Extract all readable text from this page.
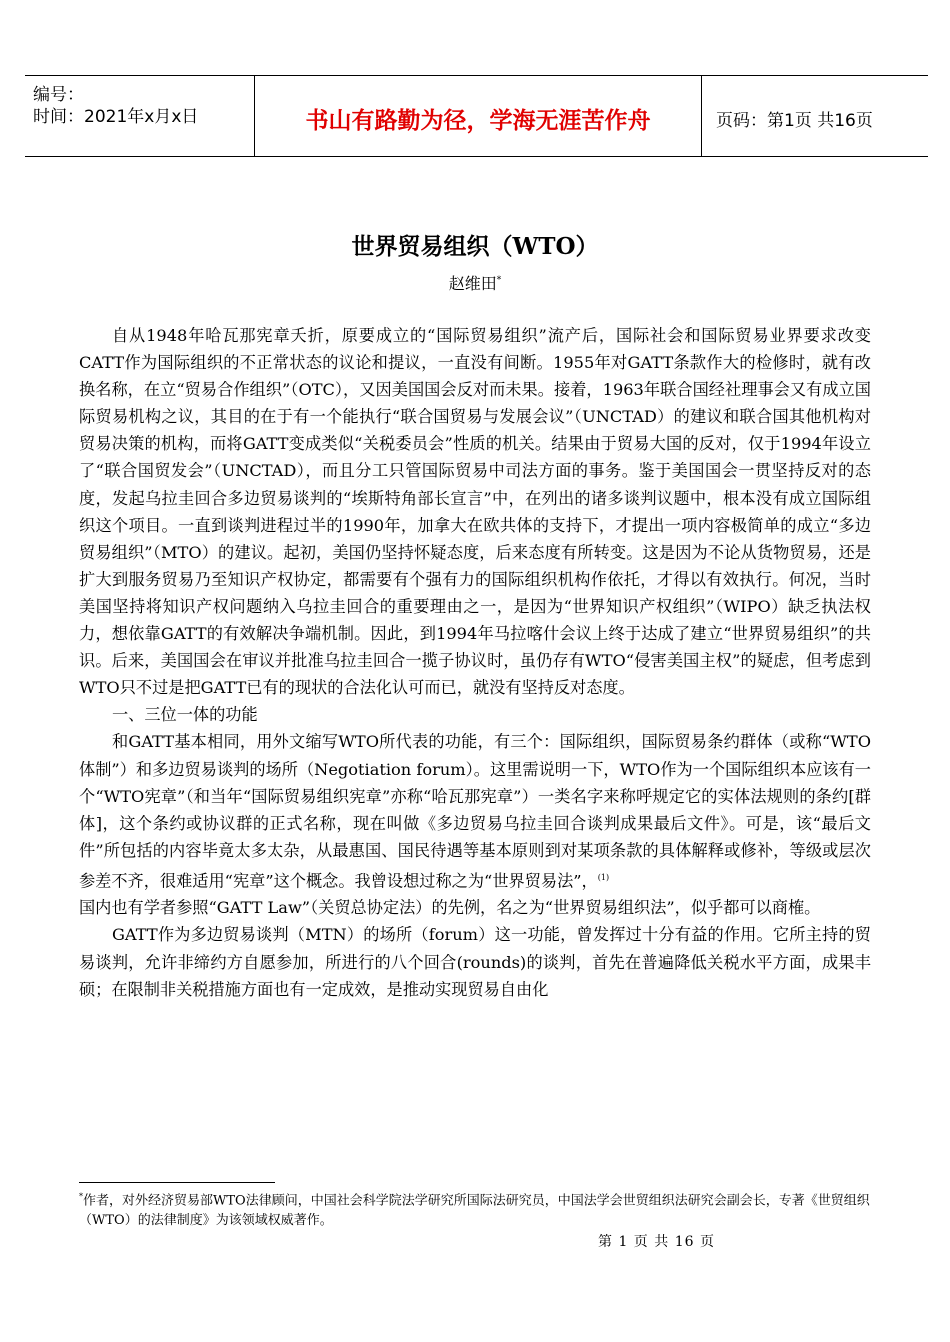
编号：
时间：2021年x月x日	书山有路勤为径，学海无涯苦作舟	页码：第1页 共16页
世界贸易组织（WTO）
赵维田*

自从1948年哈瓦那宪章夭折，原要成立的“国际贸易组织”流产后，国际社会和国际贸易业界要求改变CATT作为国际组织的不正常状态的议论和提议，一直没有间断。1955年对GATT条款作大的检修时，就有改换名称，在立“贸易合作组织”（OTC），又因美国国会反对而未果。接着，1963年联合国经社理事会又有成立国际贸易机构之议，其目的在于有一个能执行“联合国贸易与发展会议”（UNCTAD）的建议和联合国其他机构对贸易决策的机构，而将GATT变成类似“关税委员会”性质的机关。结果由于贸易大国的反对，仅于1994年设立了“联合国贸发会”（UNCTAD），而且分工只管国际贸易中司法方面的事务。鉴于美国国会一贯坚持反对的态度，发起乌拉圭回合多边贸易谈判的“埃斯特角部长宣言”中，在列出的诸多谈判议题中，根本没有成立国际组织这个项目。一直到谈判进程过半的1990年，加拿大在欧共体的支持下，才提出一项内容极简单的成立“多边贸易组织”（MTO）的建议。起初，美国仍坚持怀疑态度，后来态度有所转变。这是因为不论从货物贸易，还是扩大到服务贸易乃至知识产权协定，都需要有个强有力的国际组织机构作依托，才得以有效执行。何况，当时美国坚持将知识产权问题纳入乌拉圭回合的重要理由之一，是因为“世界知识产权组织”（WIPO）缺乏执法权力，想依靠GATT的有效解决争端机制。因此，到1994年马拉喀什会议上终于达成了建立“世界贸易组织”的共识。后来，美国国会在审议并批准乌拉圭回合一揽子协议时，虽仍存有WTO“侵害美国主权”的疑虑，但考虑到WTO只不过是把GATT已有的现状的合法化认可而已，就没有坚持反对态度。

一、三位一体的功能

和GATT基本相同，用外文缩写WTO所代表的功能，有三个：国际组织，国际贸易条约群体（或称“WTO体制”）和多边贸易谈判的场所（Negotiation forum）。这里需说明一下，WTO作为一个国际组织本应该有一个“WTO宪章”（和当年“国际贸易组织宪章”亦称“哈瓦那宪章”）一类名字来称呼规定它的实体法规则的条约[群体]，这个条约或协议群的正式名称，现在叫做《多边贸易乌拉圭回合谈判成果最后文件》。可是，该“最后文件”所包括的内容毕竟太多太杂，从最惠国、国民待遇等基本原则到对某项条款的具体解释或修补，等级或层次参差不齐，很难适用“宪章”这个概念。我曾设想过称之为“世界贸易法”，$^{(1)}$

国内也有学者参照“GATT Law”（关贸总协定法）的先例，名之为“世界贸易组织法”，似乎都可以商榷。

GATT作为多边贸易谈判（MTN）的场所（forum）这一功能，曾发挥过十分有益的作用。它所主持的贸易谈判，允许非缔约方自愿参加，所进行的八个回合(rounds)的谈判，首先在普遍降低关税水平方面，成果丰硕；在限制非关税措施方面也有一定成效，是推动实现贸易自由化

*作者，对外经济贸易部WTO法律顾问，中国社会科学院法学研究所国际法研究员，中国法学会世贸组织法研究会副会长，专著《世贸组织（WTO）的法律制度》为该领域权威著作。
第 1 页 共 16 页
